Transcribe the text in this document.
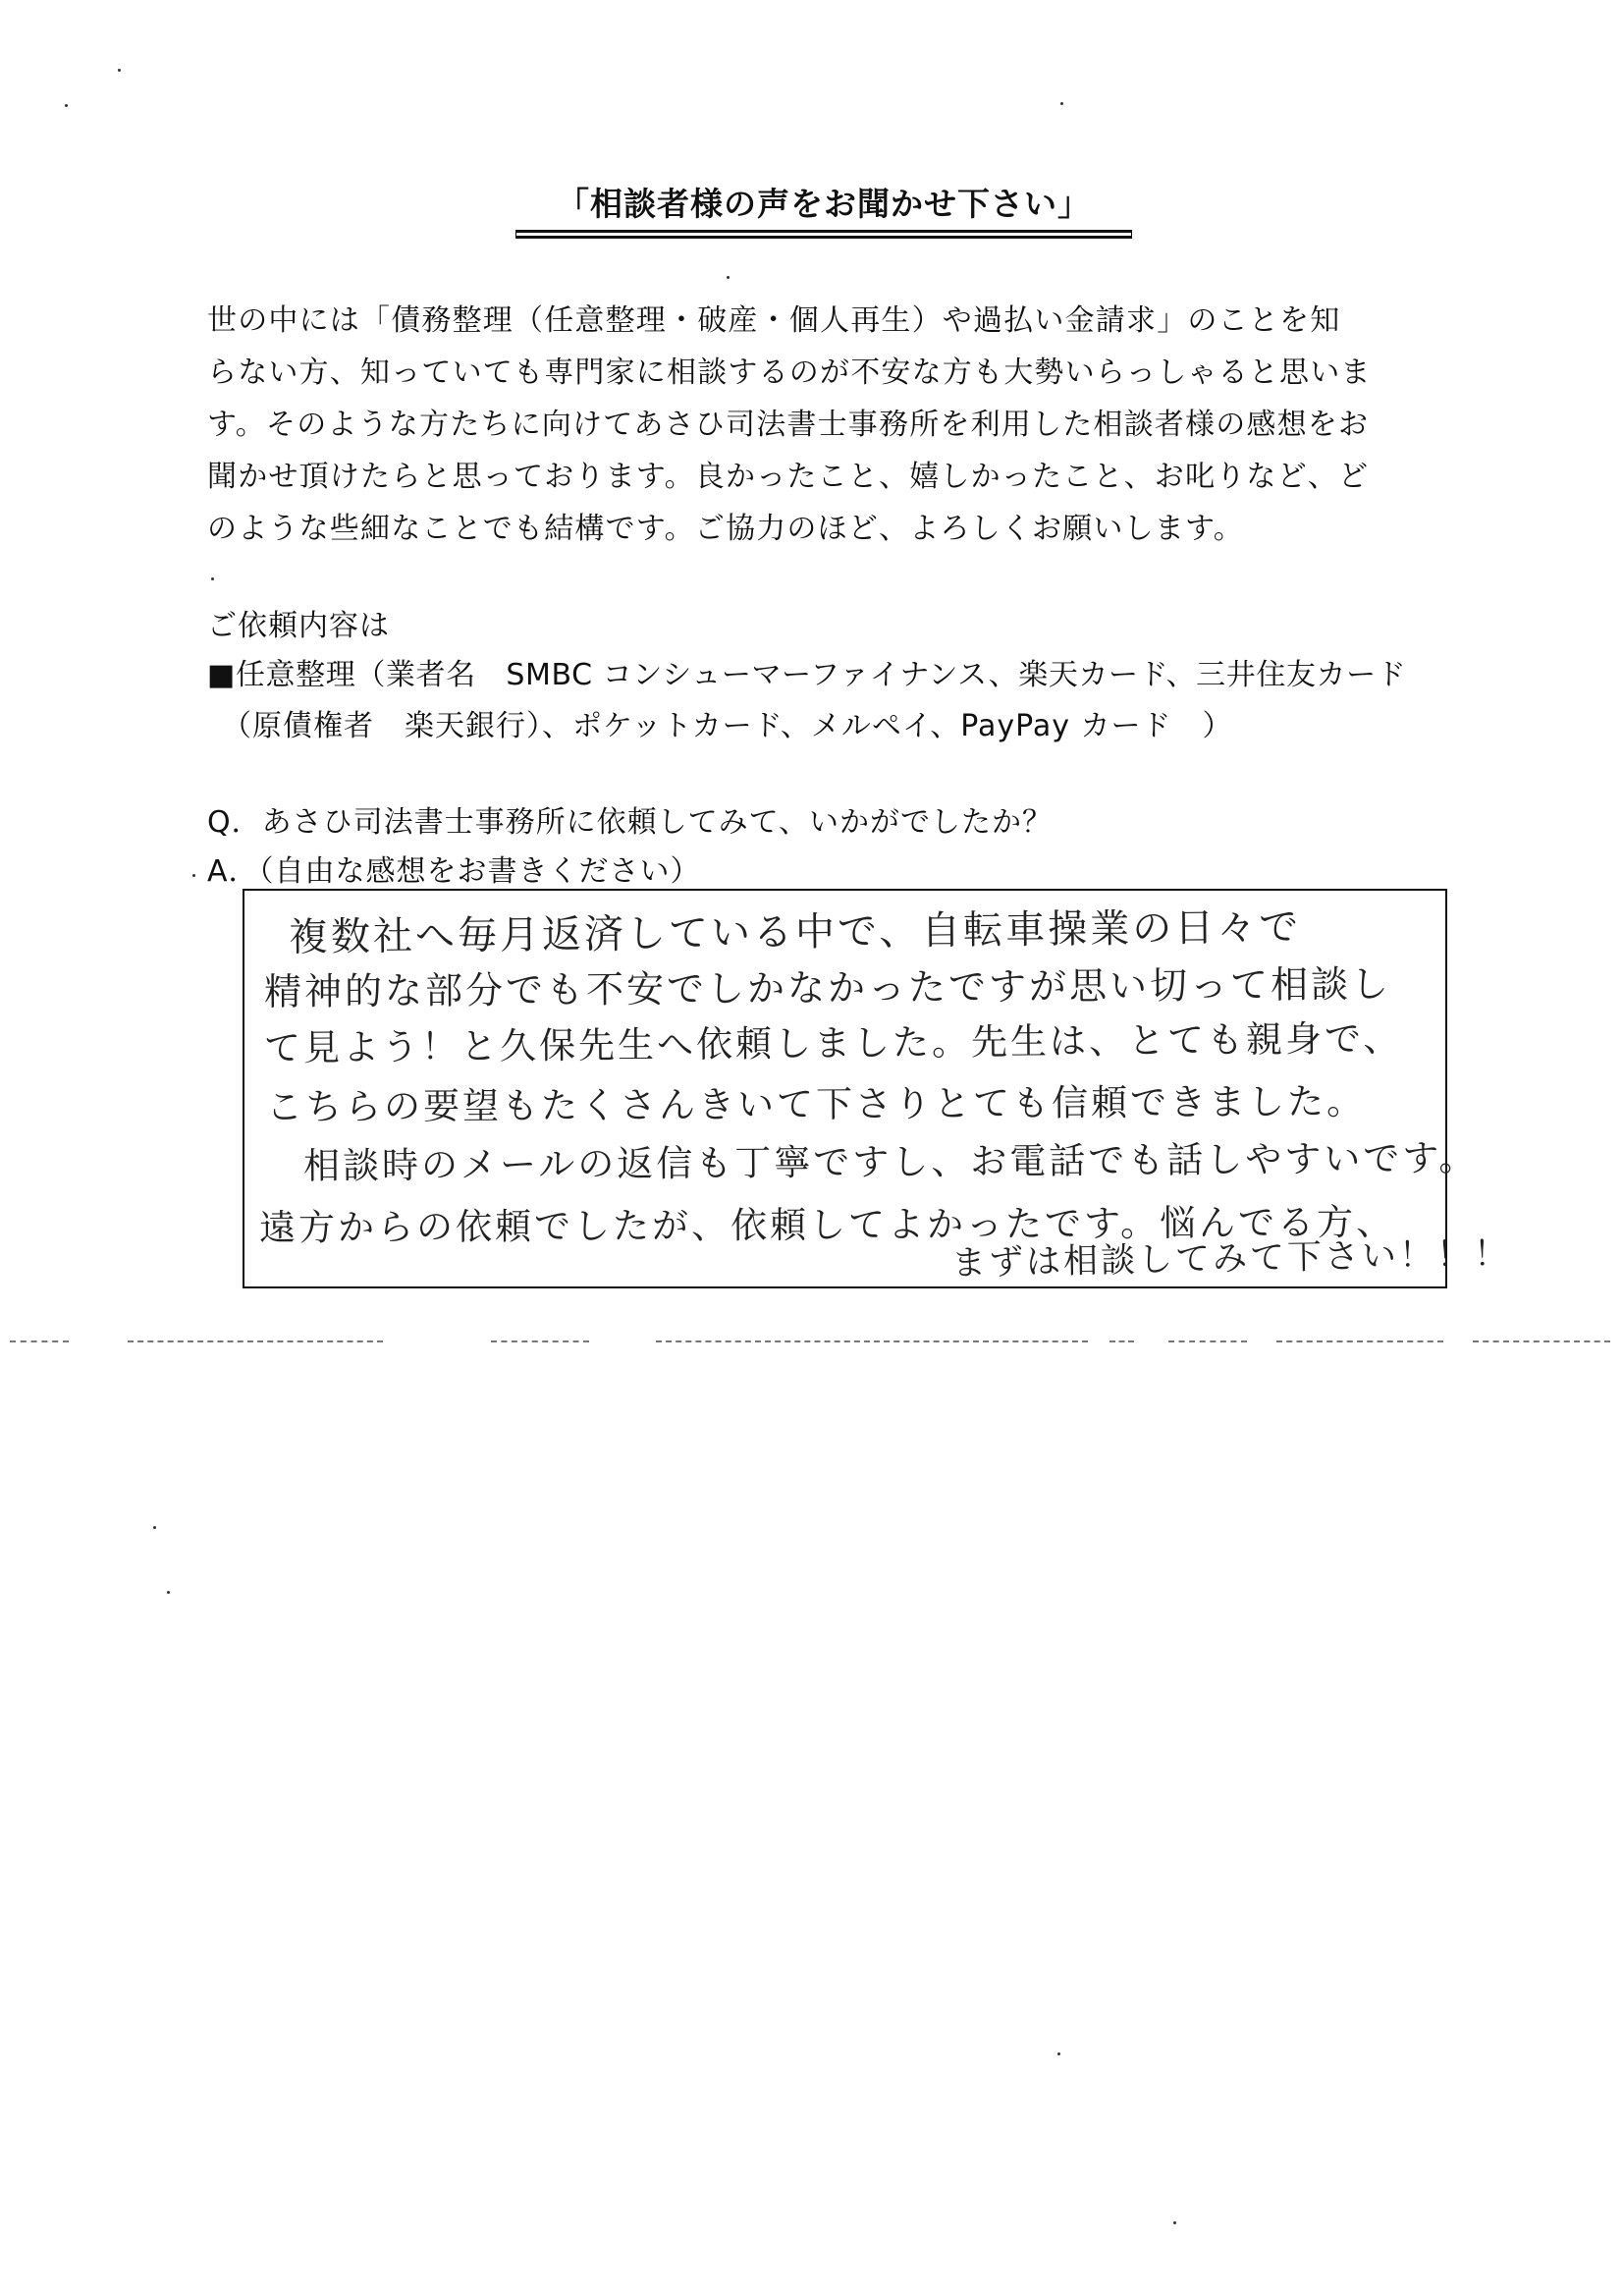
「相談者様の声をお聞かせ下さい」
世の中には「債務整理（任意整理・破産・個人再生）や過払い金請求」のことを知
らない方、知っていても専門家に相談するのが不安な方も大勢いらっしゃると思いま
す。そのような方たちに向けてあさひ司法書士事務所を利用した相談者様の感想をお
聞かせ頂けたらと思っております。良かったこと、嬉しかったこと、お叱りなど、ど
のような些細なことでも結構です。ご協力のほど、よろしくお願いします。
ご依頼内容は
■任意整理（業者名　SMBC コンシューマーファイナンス、楽天カード、三井住友カード
（原債権者　楽天銀行）、ポケットカード、メルペイ、PayPay カード　）
Q．あさひ司法書士事務所に依頼してみて、いかがでしたか？
A．（自由な感想をお書きください）
複数社へ毎月返済している中で、自転車操業の日々で
精神的な部分でも不安でしかなかったですが思い切って相談し
て見よう！と久保先生へ依頼しました。先生は、とても親身で、
こちらの要望もたくさんきいて下さりとても信頼できました。
相談時のメールの返信も丁寧ですし、お電話でも話しやすいです。
遠方からの依頼でしたが、依頼してよかったです。悩んでる方、
まずは相談してみて下さい！！！
